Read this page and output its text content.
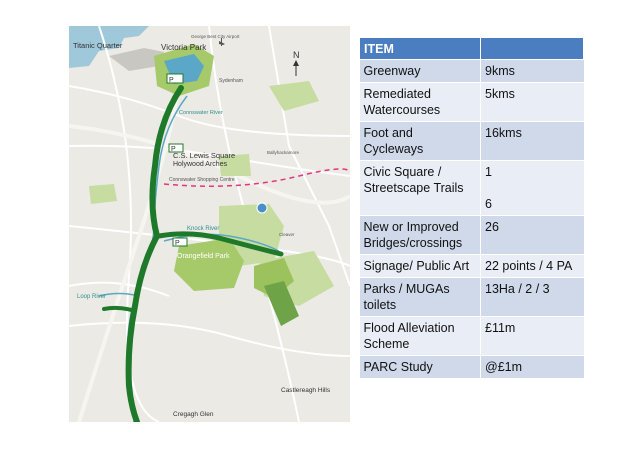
P
P
P
N
Titanic Quarter	Victoria Park
George Best City Airport
Sydenham
Connswater River
C.S. Lewis Square
Holywood Arches
Ballyhackamore
Connswater Shopping Centre
Knock River
Orangefield Park
Cleaver
Loop River
Castlereagh Hills
Cregagh Glen
ITEM	
Greenway	9kms

Remediated Watercourses	5kms

Foot and Cycleways	16kms

Civic Square / Streetscape Trails	1
6

New or Improved Bridges/crossings	26

Signage/ Public Art	22 points / 4 PA

Parks / MUGAs toilets	13Ha / 2 / 3

Flood Alleviation Scheme	£11m

PARC Study	@£1m
